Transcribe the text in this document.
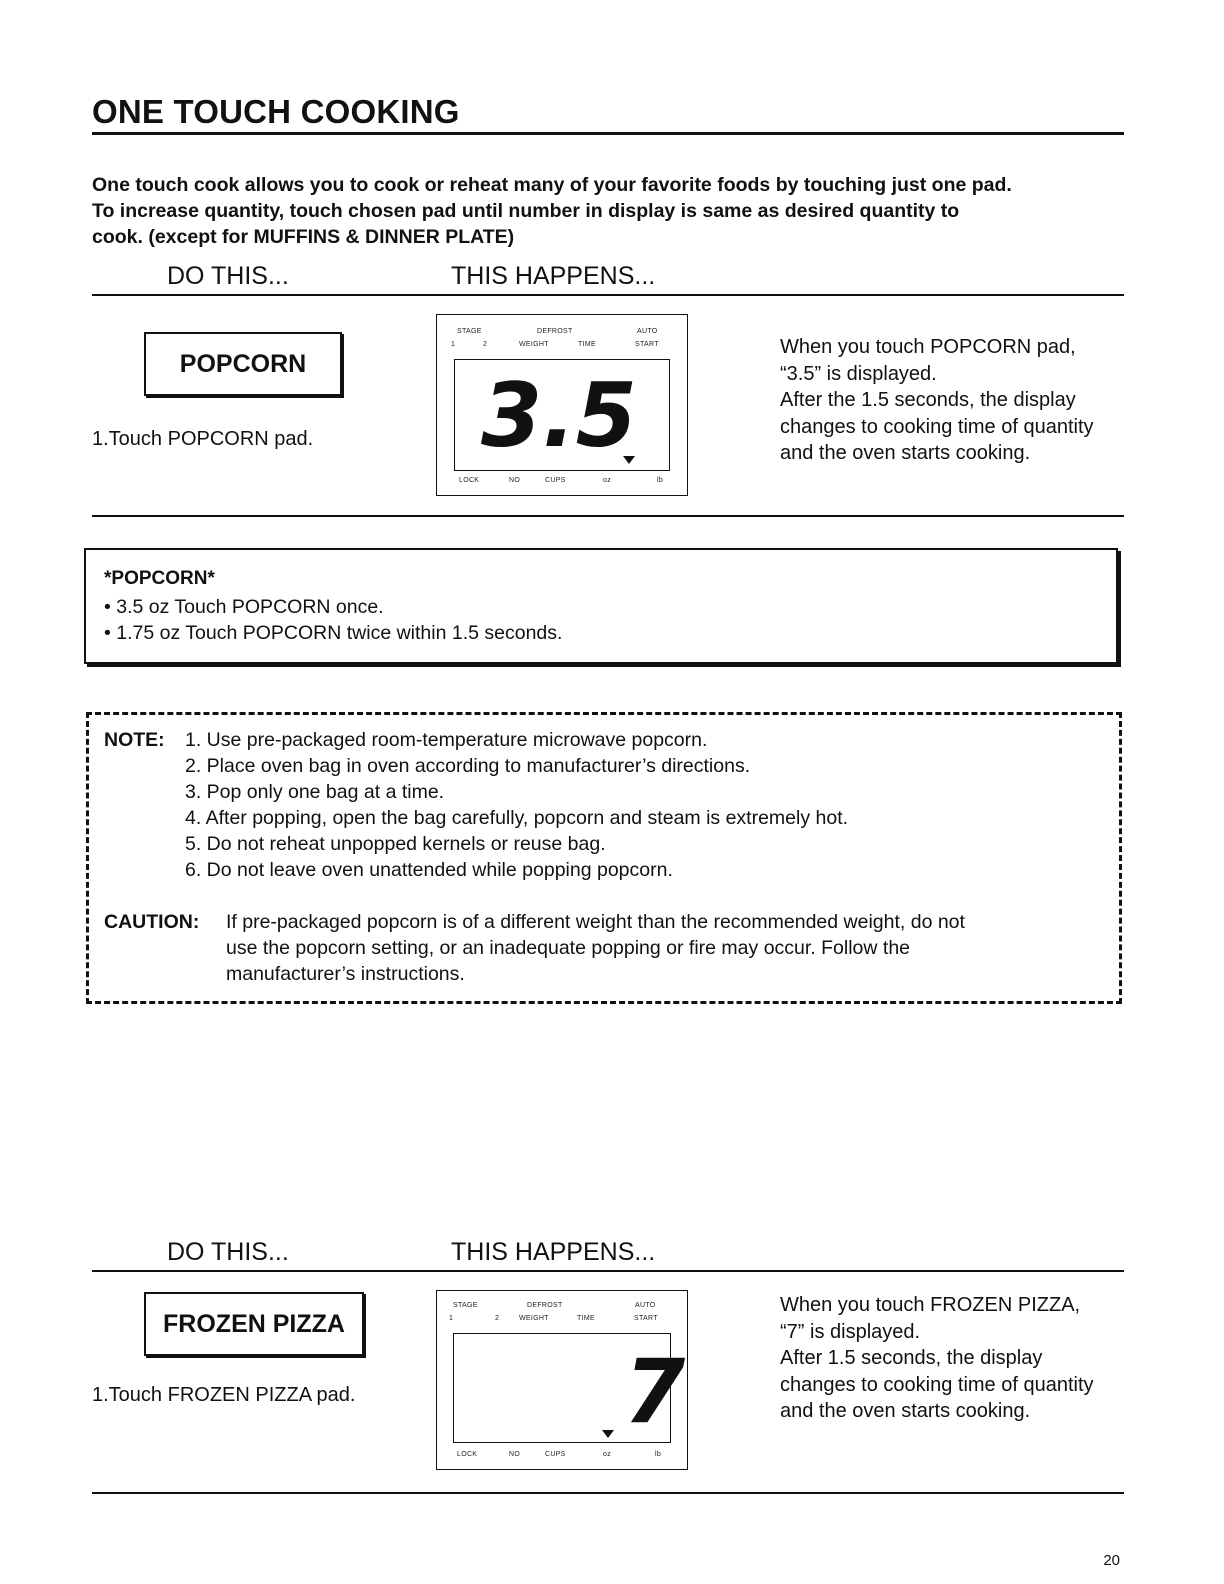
ONE TOUCH COOKING
One touch cook allows you to cook or reheat many of your favorite foods by touching just one pad.
To increase quantity, touch chosen pad until number in display is same as desired quantity to
cook. (except for MUFFINS & DINNER PLATE)
DO THIS...	THIS HAPPENS...
POPCORN
1.Touch POPCORN pad.
STAGE	DEFROST	AUTO
1	2	WEIGHT	TIME	START
3.5
LOCK	NO	CUPS	oz	lb
When you touch POPCORN pad,
“3.5” is displayed.
After the 1.5 seconds, the display
changes to cooking time of quantity
and the oven starts cooking.
*POPCORN*
• 3.5 oz Touch POPCORN once.
• 1.75 oz Touch POPCORN twice within 1.5 seconds.
NOTE: 1. Use pre-packaged room-temperature microwave popcorn.
2. Place oven bag in oven according to manufacturer’s directions.
3. Pop only one bag at a time.
4. After popping, open the bag carefully, popcorn and steam is extremely hot.
5. Do not reheat unpopped kernels or reuse bag.
6. Do not leave oven unattended while popping popcorn.
CAUTION: If pre-packaged popcorn is of a different weight than the recommended weight, do not
use the popcorn setting, or an inadequate popping or fire may occur. Follow the
manufacturer’s instructions.
DO THIS...	THIS HAPPENS...
FROZEN PIZZA
1.Touch FROZEN PIZZA pad.
STAGE	DEFROST	AUTO
1	2	WEIGHT	TIME	START
7
LOCK	NO	CUPS	oz	lb
When you touch FROZEN PIZZA,
“7” is displayed.
After 1.5 seconds, the display
changes to cooking time of quantity
and the oven starts cooking.
20
